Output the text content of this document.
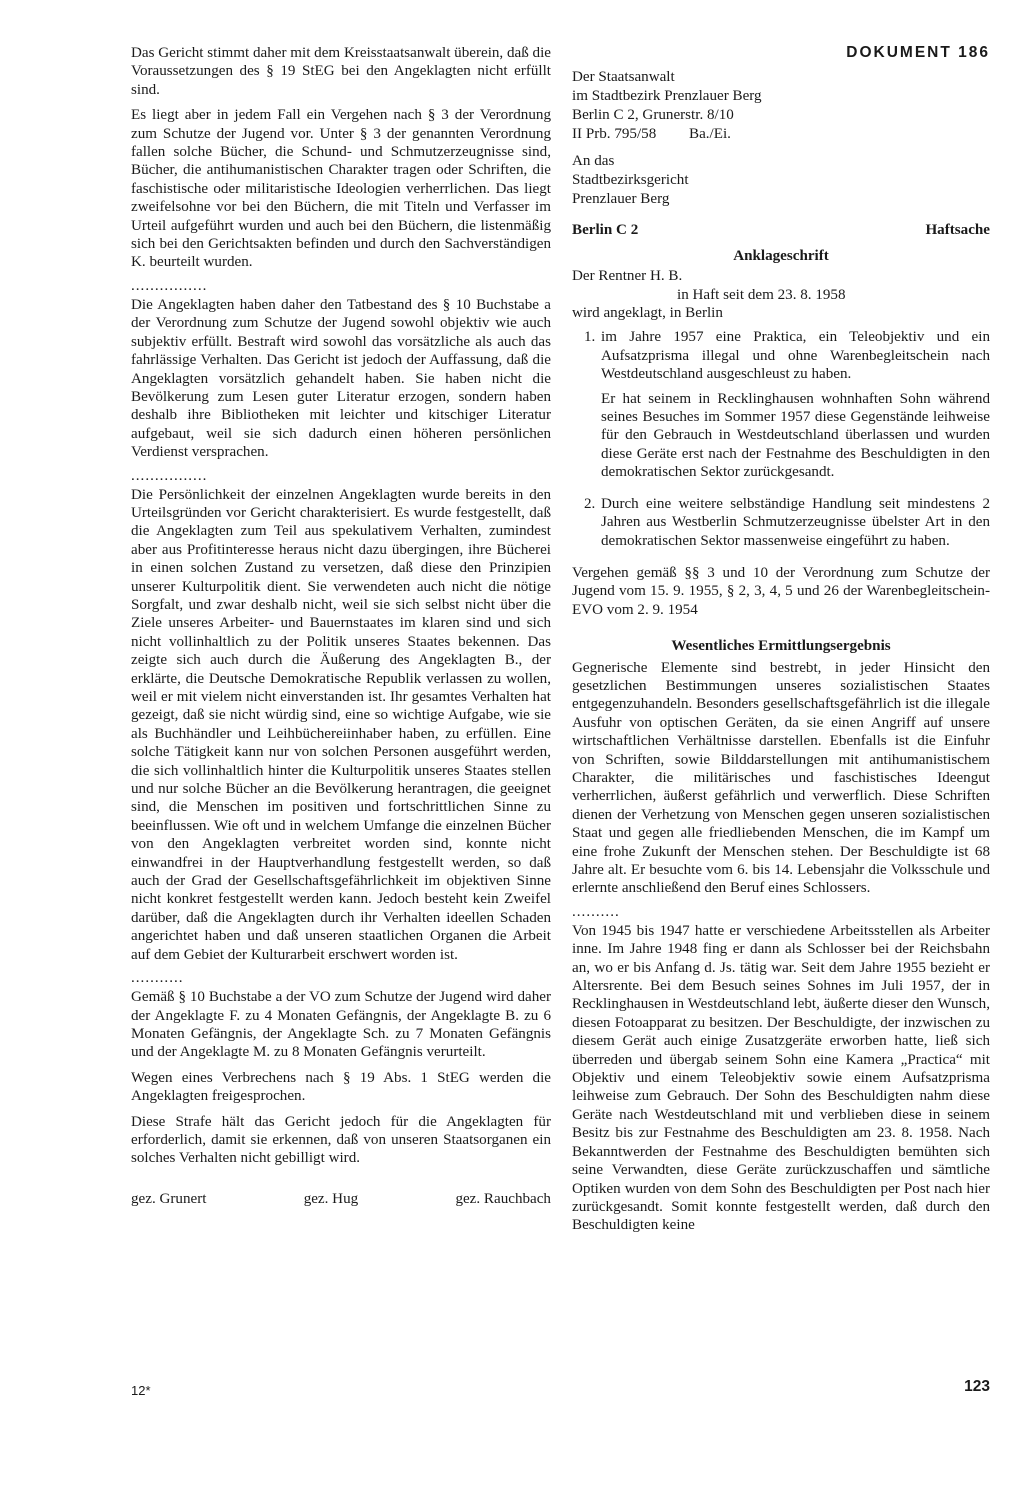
Das Gericht stimmt daher mit dem Kreisstaatsanwalt überein, daß die Voraussetzungen des § 19 StEG bei den Angeklagten nicht erfüllt sind.

Es liegt aber in jedem Fall ein Vergehen nach § 3 der Verordnung zum Schutze der Jugend vor. Unter § 3 der genannten Verordnung fallen solche Bücher, die Schund- und Schmutzerzeugnisse sind, Bücher, die antihumanistischen Charakter tragen oder Schriften, die faschistische oder militaristische Ideologien verherrlichen. Das liegt zweifelsohne vor bei den Büchern, die mit Titeln und Verfasser im Urteil aufgeführt wurden und auch bei den Büchern, die listenmäßig sich bei den Gerichtsakten befinden und durch den Sachverständigen K. beurteilt wurden.

................

Die Angeklagten haben daher den Tatbestand des § 10 Buchstabe a der Verordnung zum Schutze der Jugend sowohl objektiv wie auch subjektiv erfüllt. Bestraft wird sowohl das vorsätzliche als auch das fahrlässige Verhalten. Das Gericht ist jedoch der Auffassung, daß die Angeklagten vorsätzlich gehandelt haben. Sie haben nicht die Bevölkerung zum Lesen guter Literatur erzogen, sondern haben deshalb ihre Bibliotheken mit leichter und kitschiger Literatur aufgebaut, weil sie sich dadurch einen höheren persönlichen Verdienst versprachen.

................

Die Persönlichkeit der einzelnen Angeklagten wurde bereits in den Urteilsgründen vor Gericht charakterisiert. Es wurde festgestellt, daß die Angeklagten zum Teil aus spekulativem Verhalten, zumindest aber aus Profitinteresse heraus nicht dazu übergingen, ihre Bücherei in einen solchen Zustand zu versetzen, daß diese den Prinzipien unserer Kulturpolitik dient. Sie verwendeten auch nicht die nötige Sorgfalt, und zwar deshalb nicht, weil sie sich selbst nicht über die Ziele unseres Arbeiter- und Bauernstaates im klaren sind und sich nicht vollinhaltlich zu der Politik unseres Staates bekennen. Das zeigte sich auch durch die Äußerung des Angeklagten B., der erklärte, die Deutsche Demokratische Republik verlassen zu wollen, weil er mit vielem nicht einverstanden ist. Ihr gesamtes Verhalten hat gezeigt, daß sie nicht würdig sind, eine so wichtige Aufgabe, wie sie als Buchhändler und Leihbüchereiinhaber haben, zu erfüllen. Eine solche Tätigkeit kann nur von solchen Personen ausgeführt werden, die sich vollinhaltlich hinter die Kulturpolitik unseres Staates stellen und nur solche Bücher an die Bevölkerung herantragen, die geeignet sind, die Menschen im positiven und fortschrittlichen Sinne zu beeinflussen. Wie oft und in welchem Umfange die einzelnen Bücher von den Angeklagten verbreitet worden sind, konnte nicht einwandfrei in der Hauptverhandlung festgestellt werden, so daß auch der Grad der Gesellschaftsgefährlichkeit im objektiven Sinne nicht konkret festgestellt werden kann. Jedoch besteht kein Zweifel darüber, daß die Angeklagten durch ihr Verhalten ideellen Schaden angerichtet haben und daß unseren staatlichen Organen die Arbeit auf dem Gebiet der Kulturarbeit erschwert worden ist.

...........

Gemäß § 10 Buchstabe a der VO zum Schutze der Jugend wird daher der Angeklagte F. zu 4 Monaten Gefängnis, der Angeklagte B. zu 6 Monaten Gefängnis, der Angeklagte Sch. zu 7 Monaten Gefängnis und der Angeklagte M. zu 8 Monaten Gefängnis verurteilt.

Wegen eines Verbrechens nach § 19 Abs. 1 StEG werden die Angeklagten freigesprochen.

Diese Strafe hält das Gericht jedoch für die Angeklagten für erforderlich, damit sie erkennen, daß von unseren Staatsorganen ein solches Verhalten nicht gebilligt wird.

gez. Grunert	gez. Hug	gez. Rauchbach
DOKUMENT 186
Der Staatsanwalt
im Stadtbezirk Prenzlauer Berg
Berlin C 2, Grunerstr. 8/10
II Prb. 795/58	Ba./Ei.
An das
Stadtbezirksgericht
Prenzlauer Berg
Berlin C 2	Haftsache
Anklageschrift
Der Rentner H. B.
in Haft seit dem 23. 8. 1958
wird angeklagt, in Berlin
1. im Jahre 1957 eine Praktica, ein Teleobjektiv und ein Aufsatzprisma illegal und ohne Warenbegleitschein nach Westdeutschland ausgeschleust zu haben.

Er hat seinem in Recklinghausen wohnhaften Sohn während seines Besuches im Sommer 1957 diese Gegenstände leihweise für den Gebrauch in Westdeutschland überlassen und wurden diese Geräte erst nach der Festnahme des Beschuldigten in den demokratischen Sektor zurückgesandt.

2. Durch eine weitere selbständige Handlung seit mindestens 2 Jahren aus Westberlin Schmutzerzeugnisse übelster Art in den demokratischen Sektor massenweise eingeführt zu haben.

Vergehen gemäß §§ 3 und 10 der Verordnung zum Schutze der Jugend vom 15. 9. 1955, § 2, 3, 4, 5 und 26 der Warenbegleitschein-EVO vom 2. 9. 1954

Wesentliches Ermittlungsergebnis

Gegnerische Elemente sind bestrebt, in jeder Hinsicht den gesetzlichen Bestimmungen unseres sozialistischen Staates entgegenzuhandeln. Besonders gesellschaftsgefährlich ist die illegale Ausfuhr von optischen Geräten, da sie einen Angriff auf unsere wirtschaftlichen Verhältnisse darstellen. Ebenfalls ist die Einfuhr von Schriften, sowie Bilddarstellungen mit antihumanistischem Charakter, die militärisches und faschistisches Ideengut verherrlichen, äußerst gefährlich und verwerflich. Diese Schriften dienen der Verhetzung von Menschen gegen unseren sozialistischen Staat und gegen alle friedliebenden Menschen, die im Kampf um eine frohe Zukunft der Menschen stehen. Der Beschuldigte ist 68 Jahre alt. Er besuchte vom 6. bis 14. Lebensjahr die Volksschule und erlernte anschließend den Beruf eines Schlossers.

..........

Von 1945 bis 1947 hatte er verschiedene Arbeitsstellen als Arbeiter inne. Im Jahre 1948 fing er dann als Schlosser bei der Reichsbahn an, wo er bis Anfang d. Js. tätig war. Seit dem Jahre 1955 bezieht er Altersrente. Bei dem Besuch seines Sohnes im Juli 1957, der in Recklinghausen in Westdeutschland lebt, äußerte dieser den Wunsch, diesen Fotoapparat zu besitzen. Der Beschuldigte, der inzwischen zu diesem Gerät auch einige Zusatzgeräte erworben hatte, ließ sich überreden und übergab seinem Sohn eine Kamera „Practica“ mit Objektiv und einem Teleobjektiv sowie einem Aufsatzprisma leihweise zum Gebrauch. Der Sohn des Beschuldigten nahm diese Geräte nach Westdeutschland mit und verblieben diese in seinem Besitz bis zur Festnahme des Beschuldigten am 23. 8. 1958. Nach Bekanntwerden der Festnahme des Beschuldigten bemühten sich seine Verwandten, diese Geräte zurückzuschaffen und sämtliche Optiken wurden von dem Sohn des Beschuldigten per Post nach hier zurückgesandt. Somit konnte festgestellt werden, daß durch den Beschuldigten keine

12*	123
